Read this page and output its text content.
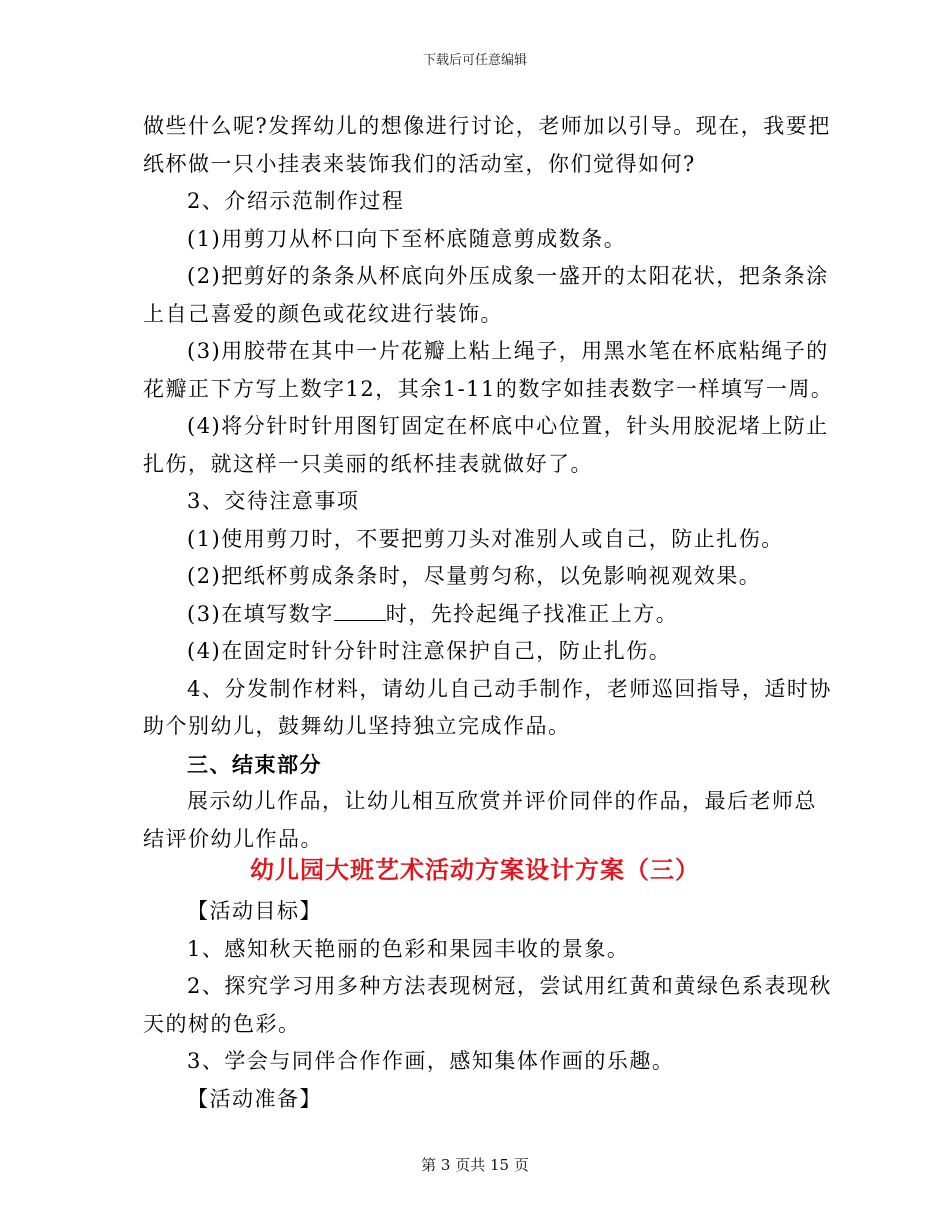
下载后可任意编辑
做些什么呢?发挥幼儿的想像进行讨论，老师加以引导。现在，我要把
纸杯做一只小挂表来装饰我们的活动室，你们觉得如何?
2、介绍示范制作过程
(1)用剪刀从杯口向下至杯底随意剪成数条。
(2)把剪好的条条从杯底向外压成象一盛开的太阳花状，把条条涂
上自己喜爱的颜色或花纹进行装饰。
(3)用胶带在其中一片花瓣上粘上绳子，用黑水笔在杯底粘绳子的
花瓣正下方写上数字12，其余1-11的数字如挂表数字一样填写一周。
(4)将分针时针用图钉固定在杯底中心位置，针头用胶泥堵上防止
扎伤，就这样一只美丽的纸杯挂表就做好了。
3、交待注意事项
(1)使用剪刀时，不要把剪刀头对准别人或自己，防止扎伤。
(2)把纸杯剪成条条时，尽量剪匀称，以免影响视观效果。
(3)在填写数字 时，先拎起绳子找准正上方。
(4)在固定时针分针时注意保护自己，防止扎伤。
4、分发制作材料，请幼儿自己动手制作，老师巡回指导，适时协
助个别幼儿，鼓舞幼儿坚持独立完成作品。
三、结束部分
展示幼儿作品，让幼儿相互欣赏并评价同伴的作品，最后老师总
结评价幼儿作品。
幼儿园大班艺术活动方案设计方案（三）
【活动目标】
1、感知秋天艳丽的色彩和果园丰收的景象。
2、探究学习用多种方法表现树冠，尝试用红黄和黄绿色系表现秋
天的树的色彩。
3、学会与同伴合作作画，感知集体作画的乐趣。
【活动准备】
第 3 页共 15 页
